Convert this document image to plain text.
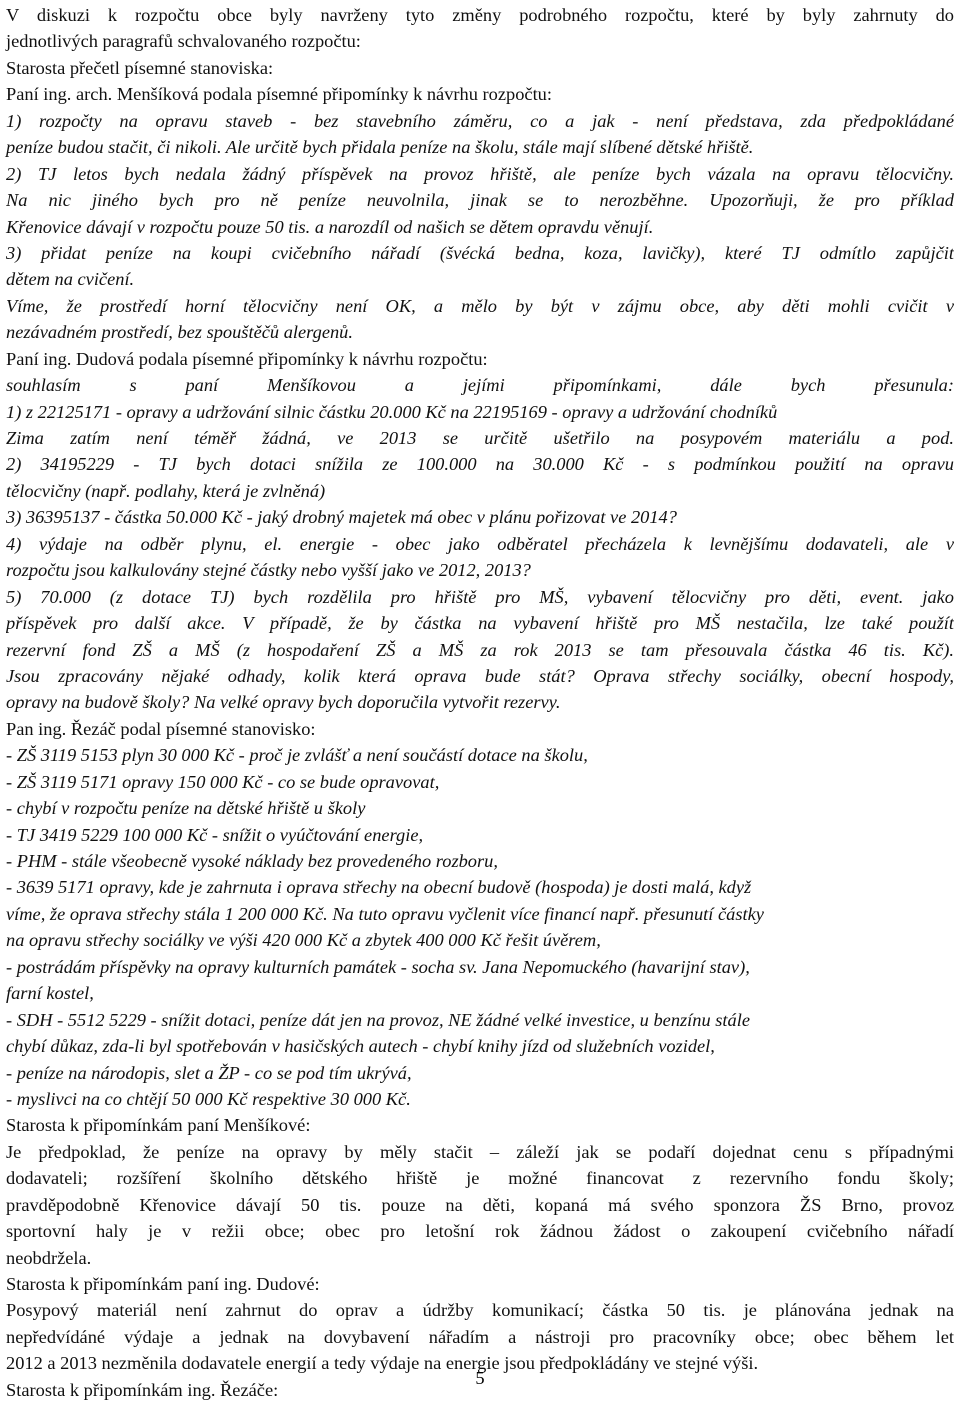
V diskuzi k rozpočtu obce byly navrženy tyto změny podrobného rozpočtu, které by byly zahrnuty do
jednotlivých paragrafů schvalovaného rozpočtu:
Starosta přečetl písemné stanoviska:
Paní ing. arch. Menšíková podala písemné připomínky k návrhu rozpočtu:
1) rozpočty na opravu staveb - bez stavebního záměru, co a jak - není představa, zda předpokládané
peníze budou stačit, či nikoli. Ale určitě bych přidala peníze na školu, stále mají slíbené dětské hřiště.
2) TJ letos bych nedala žádný příspěvek na provoz hřiště, ale peníze bych vázala na opravu tělocvičny.
Na nic jiného bych pro ně peníze neuvolnila, jinak se to nerozběhne. Upozorňuji, že pro příklad
Křenovice dávají v rozpočtu pouze 50 tis. a narozdíl od našich se dětem opravdu věnují.
3) přidat peníze na koupi cvičebního nářadí (švécká bedna, koza, lavičky), které TJ odmítlo zapůjčit
dětem na cvičení.
Víme, že prostředí horní tělocvičny není OK, a mělo by být v zájmu obce, aby děti mohli cvičit v
nezávadném prostředí, bez spouštěčů alergenů.
Paní ing. Dudová podala písemné připomínky k návrhu rozpočtu:
souhlasím s paní Menšíkovou a jejími připomínkami, dále bych přesunula:
1) z 22125171 - opravy a udržování silnic částku 20.000 Kč na 22195169 - opravy a udržování chodníků
Zima zatím není téměř žádná, ve 2013 se určitě ušetřilo na posypovém materiálu a pod.
2) 34195229 - TJ bych dotaci snížila ze 100.000 na 30.000 Kč - s podmínkou použití na opravu
tělocvičny (např. podlahy, která je zvlněná)
3) 36395137 - částka 50.000 Kč - jaký drobný majetek má obec v plánu pořizovat ve 2014?
4) výdaje na odběr plynu, el. energie - obec jako odběratel přecházela k levnějšímu dodavateli, ale v
rozpočtu jsou kalkulovány stejné částky nebo vyšší jako ve 2012, 2013?
5) 70.000 (z dotace TJ) bych rozdělila pro hřiště pro MŠ, vybavení tělocvičny pro děti, event. jako
příspěvek pro další akce. V případě, že by částka na vybavení hřiště pro MŠ nestačila, lze také použít
rezervní fond ZŠ a MŠ (z hospodaření ZŠ a MŠ za rok 2013 se tam přesouvala částka 46 tis. Kč).
Jsou zpracovány nějaké odhady, kolik která oprava bude stát? Oprava střechy sociálky, obecní hospody,
opravy na budově školy? Na velké opravy bych doporučila vytvořit rezervy.
Pan ing. Řezáč podal písemné stanovisko:
- ZŠ 3119 5153 plyn 30 000 Kč - proč je zvlášť a není součástí dotace na školu,
- ZŠ 3119 5171 opravy 150 000 Kč - co se bude opravovat,
- chybí v rozpočtu peníze na dětské hřiště u školy
- TJ 3419 5229 100 000 Kč - snížit o vyúčtování energie,
- PHM - stále všeobecně vysoké náklady bez provedeného rozboru,
- 3639 5171 opravy, kde je zahrnuta i oprava střechy na obecní budově (hospoda) je dosti malá, když
víme, že oprava střechy stála 1 200 000 Kč. Na tuto opravu vyčlenit více financí např. přesunutí částky
na opravu střechy sociálky ve výši 420 000 Kč a zbytek 400 000 Kč řešit úvěrem,
- postrádám příspěvky na opravy kulturních památek - socha sv. Jana Nepomuckého (havarijní stav),
farní kostel,
- SDH - 5512 5229 - snížit dotaci, peníze dát jen na provoz, NE žádné velké investice, u benzínu stále
chybí důkaz, zda-li byl spotřebován v hasičských autech - chybí knihy jízd od služebních vozidel,
- peníze na národopis, slet a ŽP - co se pod tím ukrývá,
- myslivci na co chtějí 50 000 Kč respektive 30 000 Kč.
Starosta k připomínkám paní Menšíkové:
Je předpoklad, že peníze na opravy by měly stačit – záleží jak se podaří dojednat cenu s případnými
dodavateli; rozšíření školního dětského hřiště je možné financovat z rezervního fondu školy;
pravděpodobně Křenovice dávají 50 tis. pouze na děti, kopaná má svého sponzora ŽS Brno, provoz
sportovní haly je v režii obce; obec pro letošní rok žádnou žádost o zakoupení cvičebního nářadí
neobdržela.
Starosta k připomínkám paní ing. Dudové:
Posypový materiál není zahrnut do oprav a údržby komunikací; částka 50 tis. je plánována jednak na
nepředvídáné výdaje a jednak na dovybavení nářadím a nástroji pro pracovníky obce; obec během let
2012 a 2013 nezměnila dodavatele energií a tedy výdaje na energie jsou předpokládány ve stejné výši.
Starosta k připomínkám ing. Řezáče:
5
